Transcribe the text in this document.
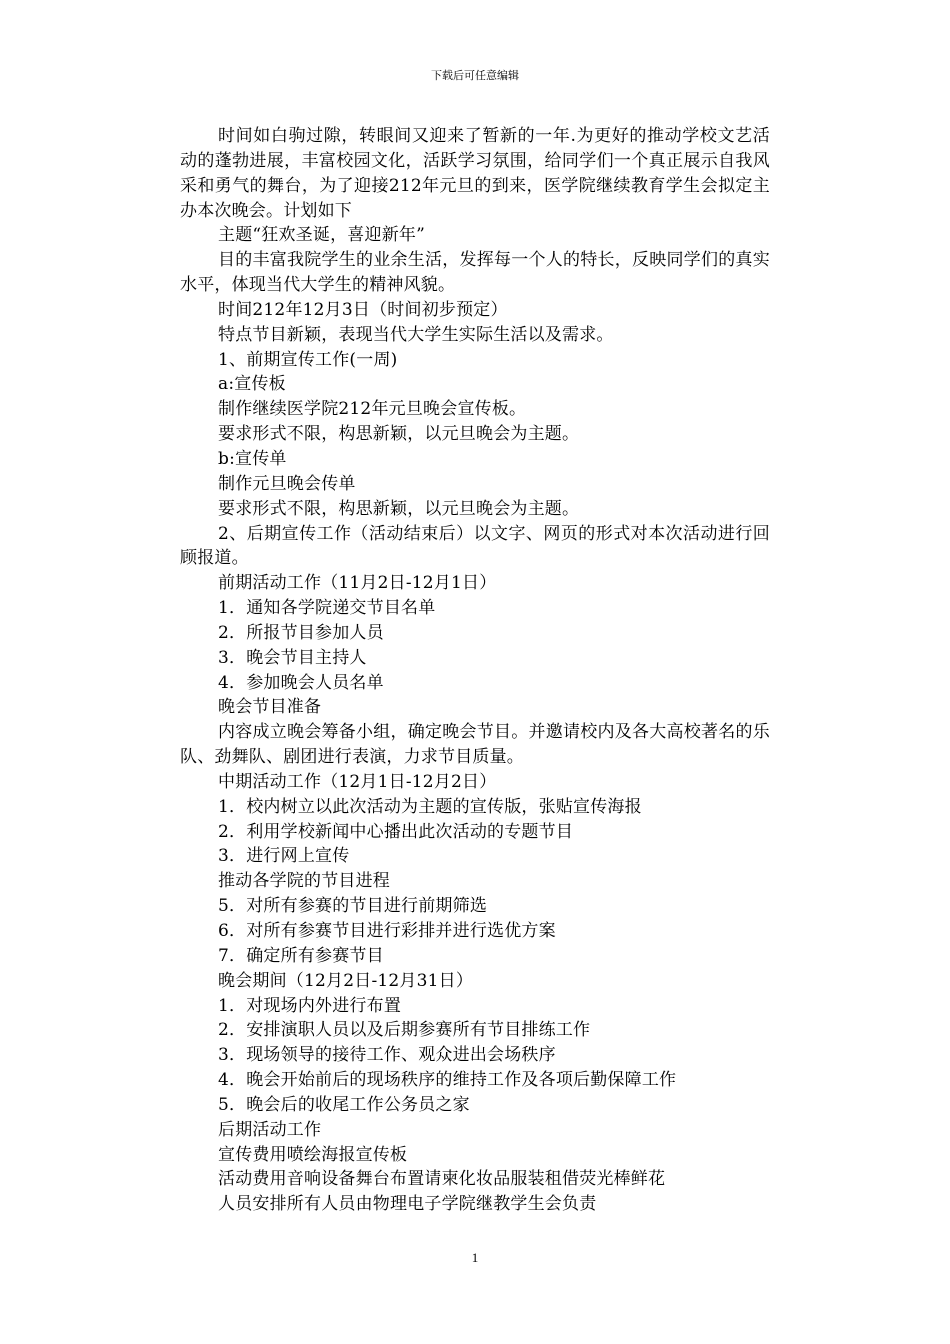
下载后可任意编辑

时间如白驹过隙，转眼间又迎来了暂新的一年.为更好的推动学校文艺活动的蓬勃进展，丰富校园文化，活跃学习氛围，给同学们一个真正展示自我风采和勇气的舞台，为了迎接212年元旦的到来，医学院继续教育学生会拟定主办本次晚会。计划如下

主题“狂欢圣诞，喜迎新年”

目的丰富我院学生的业余生活，发挥每一个人的特长，反映同学们的真实水平，体现当代大学生的精神风貌。

时间212年12月3日（时间初步预定）

特点节目新颖，表现当代大学生实际生活以及需求。

1、前期宣传工作(一周)

a:宣传板

制作继续医学院212年元旦晚会宣传板。

要求形式不限，构思新颖，以元旦晚会为主题。

b:宣传单

制作元旦晚会传单

要求形式不限，构思新颖，以元旦晚会为主题。

2、后期宣传工作（活动结束后）以文字、网页的形式对本次活动进行回顾报道。

前期活动工作（11月2日-12月1日）

1．通知各学院递交节目名单

2．所报节目参加人员

3．晚会节目主持人

4．参加晚会人员名单

晚会节目准备

内容成立晚会筹备小组，确定晚会节目。并邀请校内及各大高校著名的乐队、劲舞队、剧团进行表演，力求节目质量。

中期活动工作（12月1日-12月2日）

1．校内树立以此次活动为主题的宣传版，张贴宣传海报

2．利用学校新闻中心播出此次活动的专题节目

3．进行网上宣传

推动各学院的节目进程

5．对所有参赛的节目进行前期筛选

6．对所有参赛节目进行彩排并进行选优方案

7．确定所有参赛节目

晚会期间（12月2日-12月31日）

1．对现场内外进行布置

2．安排演职人员以及后期参赛所有节目排练工作

3．现场领导的接待工作、观众进出会场秩序

4．晚会开始前后的现场秩序的维持工作及各项后勤保障工作

5．晚会后的收尾工作公务员之家

后期活动工作

宣传费用喷绘海报宣传板

活动费用音响设备舞台布置请柬化妆品服装租借荧光棒鲜花

人员安排所有人员由物理电子学院继教学生会负责

1
